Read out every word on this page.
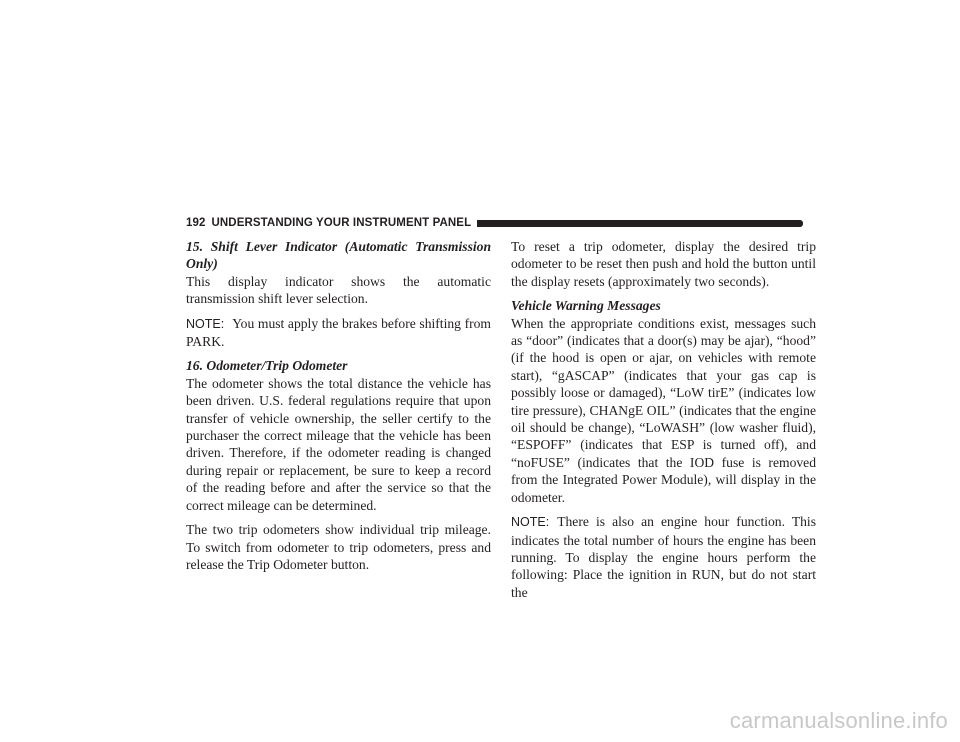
192 UNDERSTANDING YOUR INSTRUMENT PANEL

15. Shift Lever Indicator (Automatic Transmission Only)

This display indicator shows the automatic transmission shift lever selection.

NOTE: You must apply the brakes before shifting from PARK.

16. Odometer/Trip Odometer

The odometer shows the total distance the vehicle has been driven. U.S. federal regulations require that upon transfer of vehicle ownership, the seller certify to the purchaser the correct mileage that the vehicle has been driven. Therefore, if the odometer reading is changed during repair or replacement, be sure to keep a record of the reading before and after the service so that the correct mileage can be determined.

The two trip odometers show individual trip mileage. To switch from odometer to trip odometers, press and release the Trip Odometer button.

To reset a trip odometer, display the desired trip odometer to be reset then push and hold the button until the display resets (approximately two seconds).

Vehicle Warning Messages

When the appropriate conditions exist, messages such as “door” (indicates that a door(s) may be ajar), “hood” (if the hood is open or ajar, on vehicles with remote start), “gASCAP” (indicates that your gas cap is possibly loose or damaged), “LoW tirE” (indicates low tire pressure), CHANgE OIL” (indicates that the engine oil should be change), “LoWASH” (low washer fluid), “ESPOFF” (indicates that ESP is turned off), and “noFUSE” (indicates that the IOD fuse is removed from the Integrated Power Module), will display in the odometer.

NOTE: There is also an engine hour function. This indicates the total number of hours the engine has been running. To display the engine hours perform the following: Place the ignition in RUN, but do not start the

carmanualsonline.info
